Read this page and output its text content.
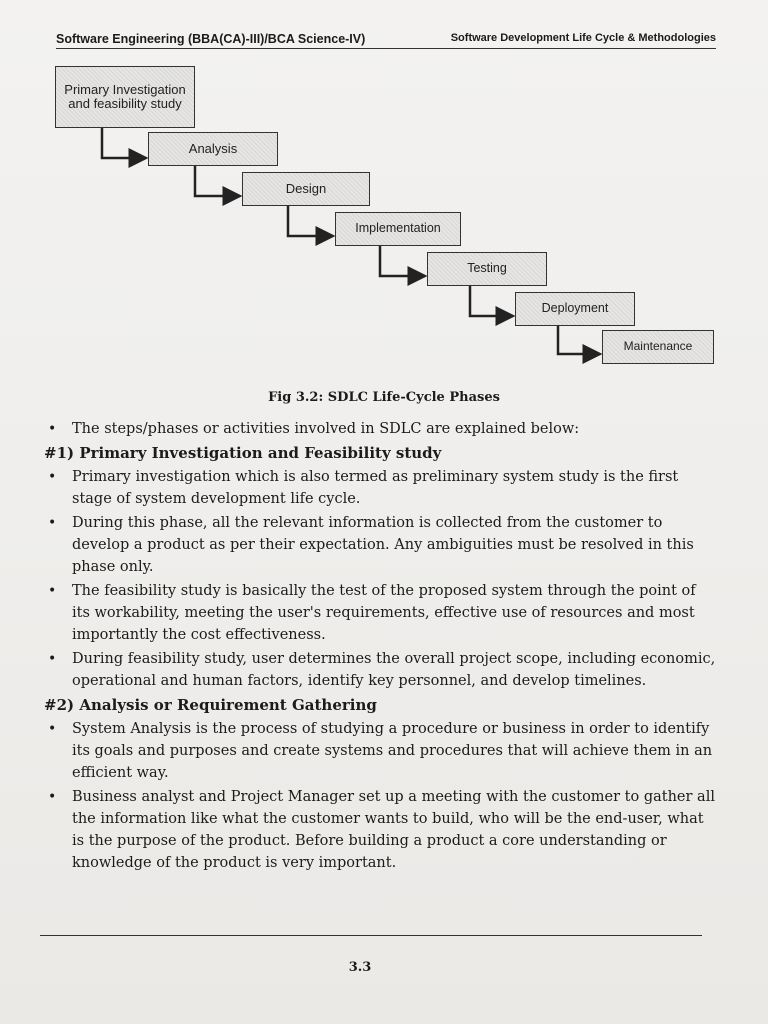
Software Engineering (BBA(CA)-III)/BCA Science-IV)	Software Development Life Cycle & Methodologies
Primary Investigation and feasibility study
Analysis
Design
Implementation
Testing
Deployment
Maintenance
Fig 3.2: SDLC Life-Cycle Phases
• The steps/phases or activities involved in SDLC are explained below:
#1) Primary Investigation and Feasibility study
• Primary investigation which is also termed as preliminary system study is the first stage of system development life cycle.
• During this phase, all the relevant information is collected from the customer to develop a product as per their expectation. Any ambiguities must be resolved in this phase only.
• The feasibility study is basically the test of the proposed system through the point of its workability, meeting the user's requirements, effective use of resources and most importantly the cost effectiveness.
• During feasibility study, user determines the overall project scope, including economic, operational and human factors, identify key personnel, and develop timelines.
#2) Analysis or Requirement Gathering
• System Analysis is the process of studying a procedure or business in order to identify its goals and purposes and create systems and procedures that will achieve them in an efficient way.
• Business analyst and Project Manager set up a meeting with the customer to gather all the information like what the customer wants to build, who will be the end-user, what is the purpose of the product. Before building a product a core understanding or knowledge of the product is very important.
3.3
